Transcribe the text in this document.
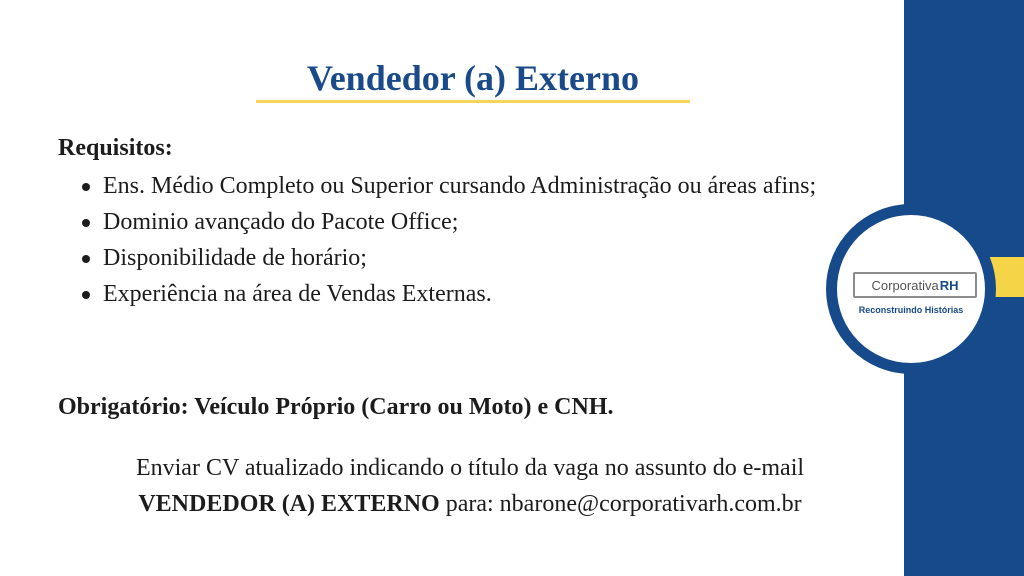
Corporativa RH
Reconstruindo Histórias
Vendedor (a) Externo
Requisitos:
Ens. Médio Completo ou Superior cursando Administração ou áreas afins;
Dominio avançado do Pacote Office;
Disponibilidade de horário;
Experiência na área de Vendas Externas.

Obrigatório: Veículo Próprio (Carro ou Moto) e CNH.

Enviar CV atualizado indicando o título da vaga no assunto do e-mail
VENDEDOR (A) EXTERNO para: nbarone@corporativarh.com.br
